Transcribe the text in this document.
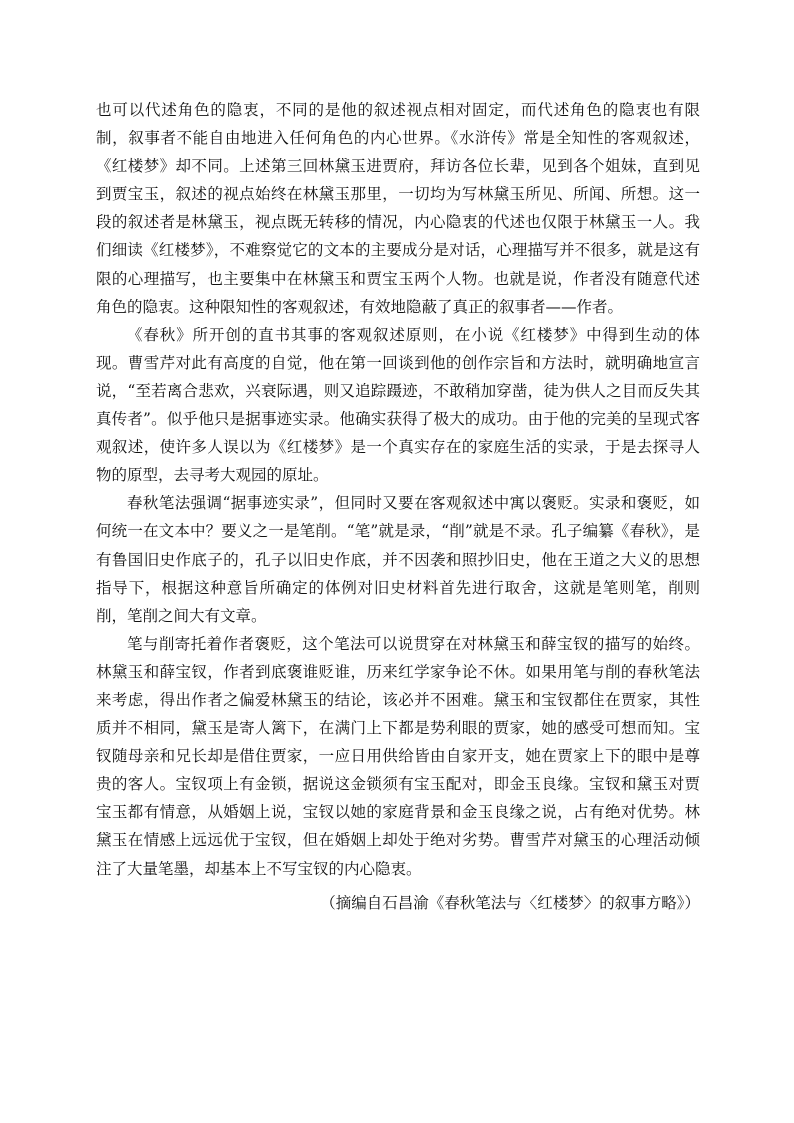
也可以代述角色的隐衷，不同的是他的叙述视点相对固定，而代述角色的隐衷也有限制，叙事者不能自由地进入任何角色的内心世界。《水浒传》常是全知性的客观叙述，《红楼梦》却不同。上述第三回林黛玉进贾府，拜访各位长辈，见到各个姐妹，直到见到贾宝玉，叙述的视点始终在林黛玉那里，一切均为写林黛玉所见、所闻、所想。这一段的叙述者是林黛玉，视点既无转移的情况，内心隐衷的代述也仅限于林黛玉一人。我们细读《红楼梦》，不难察觉它的文本的主要成分是对话，心理描写并不很多，就是这有限的心理描写，也主要集中在林黛玉和贾宝玉两个人物。也就是说，作者没有随意代述角色的隐衷。这种限知性的客观叙述，有效地隐蔽了真正的叙事者——作者。

《春秋》所开创的直书其事的客观叙述原则，在小说《红楼梦》中得到生动的体现。曹雪芹对此有高度的自觉，他在第一回谈到他的创作宗旨和方法时，就明确地宣言说，“至若离合悲欢，兴衰际遇，则又追踪蹑迹，不敢稍加穿凿，徒为供人之目而反失其真传者”。似乎他只是据事迹实录。他确实获得了极大的成功。由于他的完美的呈现式客观叙述，使许多人误以为《红楼梦》是一个真实存在的家庭生活的实录，于是去探寻人物的原型，去寻考大观园的原址。

春秋笔法强调“据事迹实录”，但同时又要在客观叙述中寓以褒贬。实录和褒贬，如何统一在文本中？要义之一是笔削。“笔”就是录，“削”就是不录。孔子编纂《春秋》，是有鲁国旧史作底子的，孔子以旧史作底，并不因袭和照抄旧史，他在王道之大义的思想指导下，根据这种意旨所确定的体例对旧史材料首先进行取舍，这就是笔则笔，削则削，笔削之间大有文章。

笔与削寄托着作者褒贬，这个笔法可以说贯穿在对林黛玉和薛宝钗的描写的始终。林黛玉和薛宝钗，作者到底褒谁贬谁，历来红学家争论不休。如果用笔与削的春秋笔法来考虑，得出作者之偏爱林黛玉的结论，该必并不困难。黛玉和宝钗都住在贾家，其性质并不相同，黛玉是寄人篱下，在满门上下都是势利眼的贾家，她的感受可想而知。宝钗随母亲和兄长却是借住贾家，一应日用供给皆由自家开支，她在贾家上下的眼中是尊贵的客人。宝钗项上有金锁，据说这金锁须有宝玉配对，即金玉良缘。宝钗和黛玉对贾宝玉都有情意，从婚姻上说，宝钗以她的家庭背景和金玉良缘之说，占有绝对优势。林黛玉在情感上远远优于宝钗，但在婚姻上却处于绝对劣势。曹雪芹对黛玉的心理活动倾注了大量笔墨，却基本上不写宝钗的内心隐衷。

（摘编自石昌渝《春秋笔法与〈红楼梦〉的叙事方略》）
